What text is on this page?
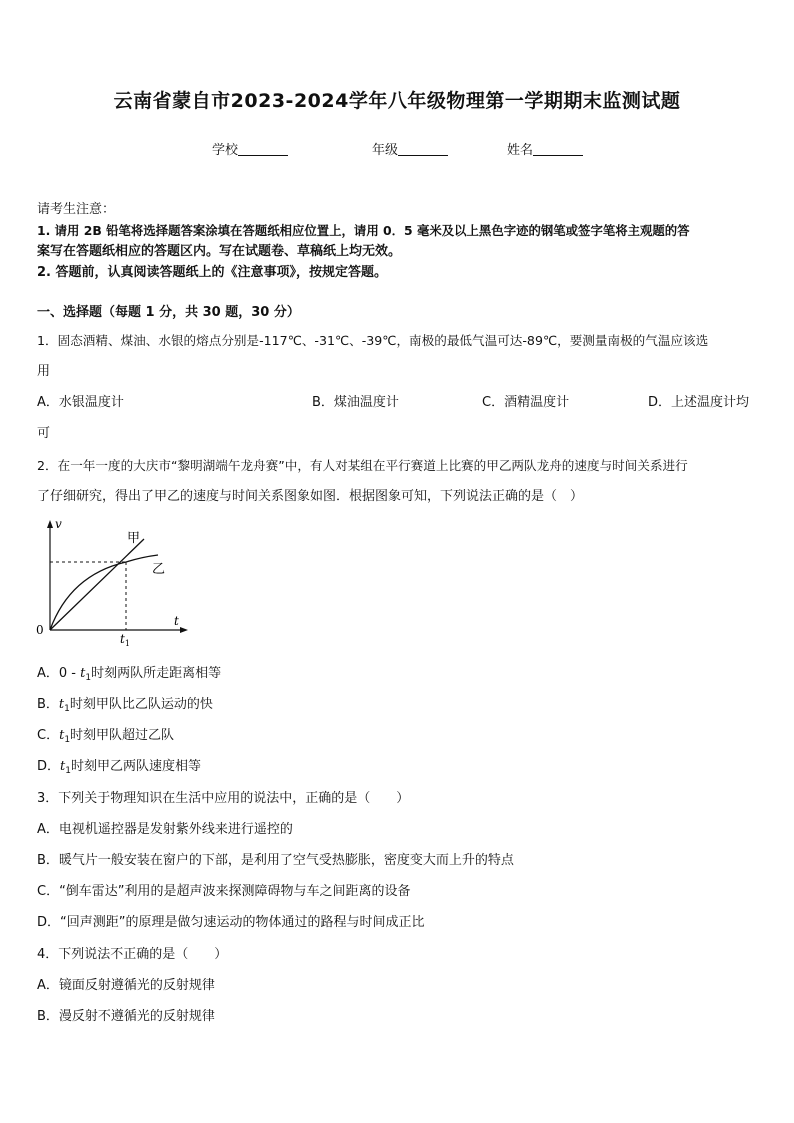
云南省蒙自市2023-2024学年八年级物理第一学期期末监测试题
学校	年级	姓名
请考生注意：
1. 请用 2B 铅笔将选择题答案涂填在答题纸相应位置上，请用 0．5 毫米及以上黑色字迹的钢笔或签字笔将主观题的答
案写在答题纸相应的答题区内。写在试题卷、草稿纸上均无效。
2. 答题前，认真阅读答题纸上的《注意事项》，按规定答题。
一、选择题（每题 1 分，共 30 题，30 分）
1．固态酒精、煤油、水银的熔点分别是-117℃、-31℃、-39℃，南极的最低气温可达-89℃，要测量南极的气温应该选
用
A．水银温度计	B．煤油温度计	C．酒精温度计	D．上述温度计均
可
2．在一年一度的大庆市“黎明湖端午龙舟赛”中，有人对某组在平行赛道上比赛的甲乙两队龙舟的速度与时间关系进行
了仔细研究，得出了甲乙的速度与时间关系图象如图．根据图象可知，下列说法正确的是（　）
v
t
0
$t_1$
甲
乙
A．$0 - t_1$时刻两队所走距离相等
B．$t_1$时刻甲队比乙队运动的快
C．$t_1$时刻甲队超过乙队
D．$t_1$时刻甲乙两队速度相等
3．下列关于物理知识在生活中应用的说法中，正确的是（　　）
A．电视机遥控器是发射紫外线来进行遥控的
B．暖气片一般安装在窗户的下部，是利用了空气受热膨胀，密度变大而上升的特点
C．“倒车雷达”利用的是超声波来探测障碍物与车之间距离的设备
D．“回声测距”的原理是做匀速运动的物体通过的路程与时间成正比
4．下列说法不正确的是（　　）
A．镜面反射遵循光的反射规律
B．漫反射不遵循光的反射规律
